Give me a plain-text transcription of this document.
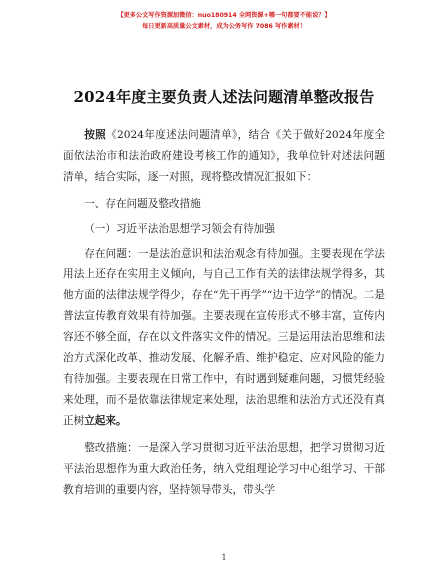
【更多公文写作资源加微信：nuo180914 全网资源+哪一句都要不能说？】
每日更新高质量公文素材，成为公务写作 7086 写作素材！
2024年度主要负责人述法问题清单整改报告

按照《2024年度述法问题清单》，结合《关于做好2024年度全面依法治市和法治政府建设考核工作的通知》，我单位针对述法问题清单，结合实际，逐一对照，现将整改情况汇报如下：

一、存在问题及整改措施

（一）习近平法治思想学习领会有待加强

存在问题：一是法治意识和法治观念有待加强。主要表现在学法用法上还存在实用主义倾向，与自己工作有关的法律法规学得多，其他方面的法律法规学得少，存在“先干再学”“边干边学”的情况。二是普法宣传教育效果有待加强。主要表现在宣传形式不够丰富，宣传内容还不够全面，存在以文件落实文件的情况。三是运用法治思维和法治方式深化改革、推动发展、化解矛盾、维护稳定、应对风险的能力有待加强。主要表现在日常工作中，有时遇到疑难问题，习惯凭经验来处理，而不是依靠法律规定来处理，法治思维和法治方式还没有真正树立起来。

整改措施：一是深入学习贯彻习近平法治思想，把学习贯彻习近平法治思想作为重大政治任务，纳入党组理论学习中心组学习、干部教育培训的重要内容，坚持领导带头，带头学

1
